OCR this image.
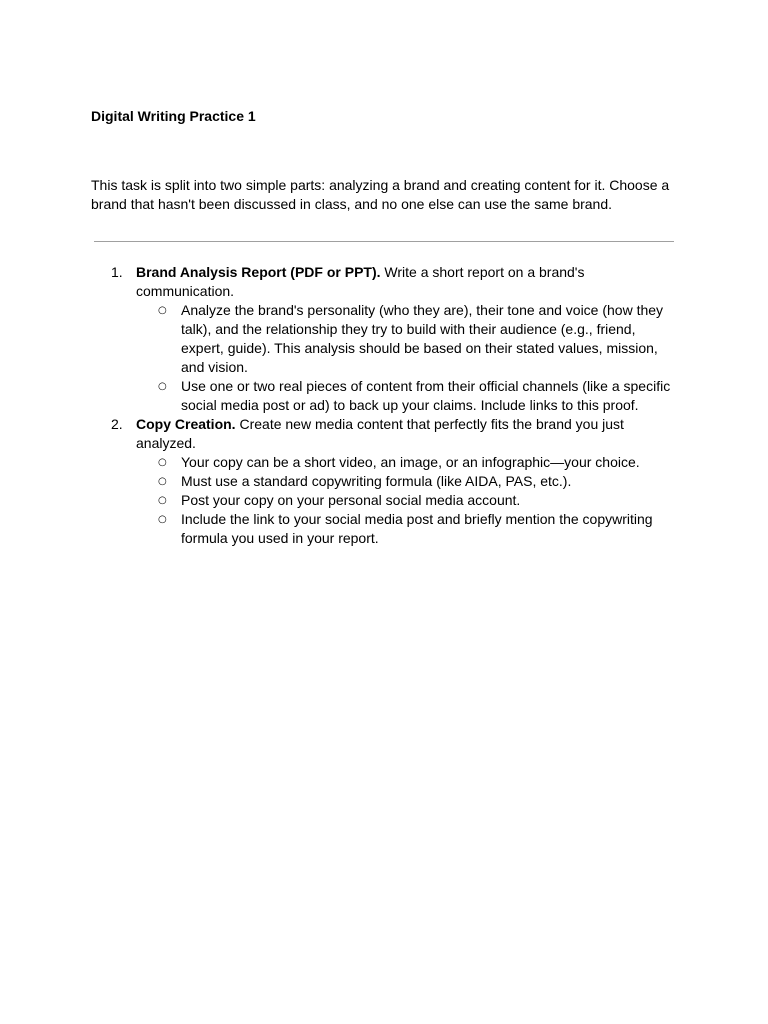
Digital Writing Practice 1

This task is split into two simple parts: analyzing a brand and creating content for it. Choose a brand that hasn't been discussed in class, and no one else can use the same brand.

1. Brand Analysis Report (PDF or PPT). Write a short report on a brand's communication.
○ Analyze the brand's personality (who they are), their tone and voice (how they talk), and the relationship they try to build with their audience (e.g., friend, expert, guide). This analysis should be based on their stated values, mission, and vision.
○ Use one or two real pieces of content from their official channels (like a specific social media post or ad) to back up your claims. Include links to this proof.
2. Copy Creation. Create new media content that perfectly fits the brand you just analyzed.
○ Your copy can be a short video, an image, or an infographic—your choice.
○ Must use a standard copywriting formula (like AIDA, PAS, etc.).
○ Post your copy on your personal social media account.
○ Include the link to your social media post and briefly mention the copywriting formula you used in your report.
